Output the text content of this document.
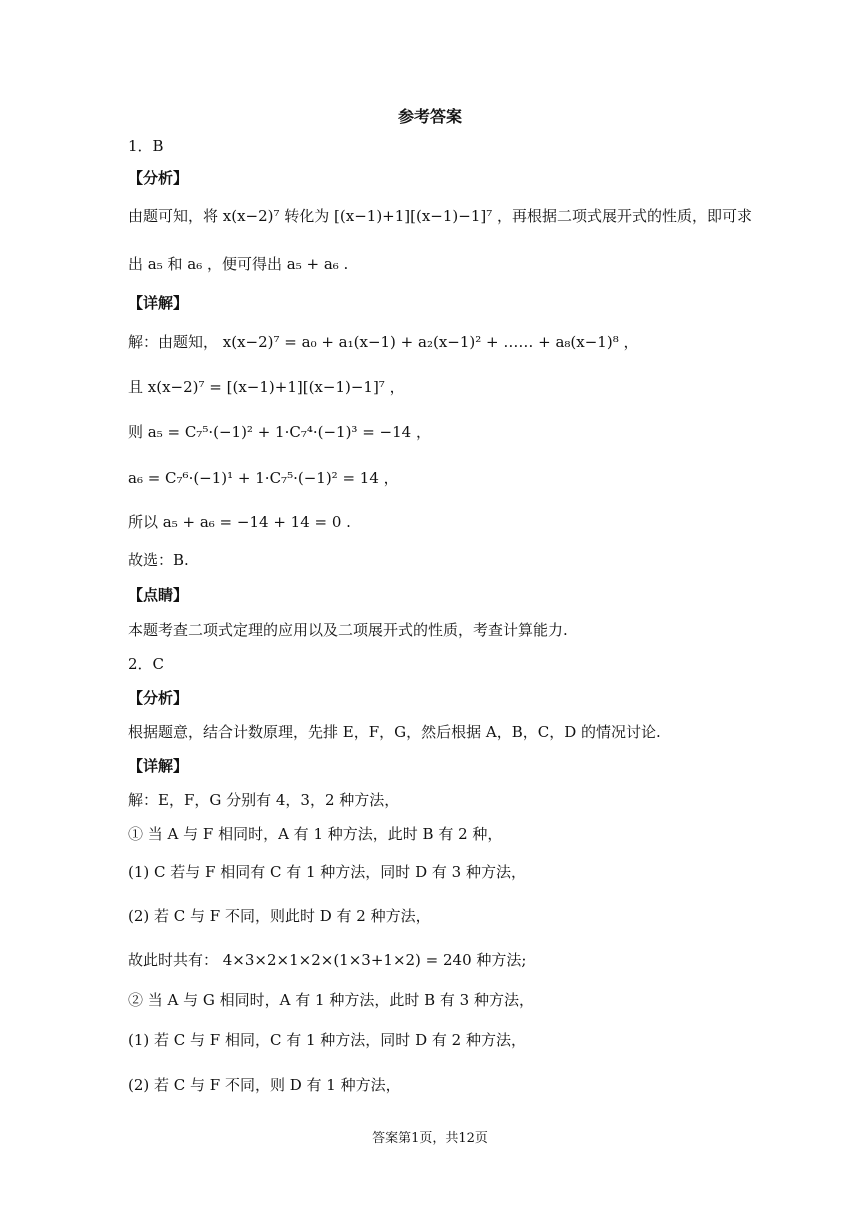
参考答案
1．B
【分析】
由题可知，将 x(x−2)⁷ 转化为 [(x−1)+1][(x−1)−1]⁷ ，再根据二项式展开式的性质，即可求
出 a₅ 和 a₆ ，便可得出 a₅ + a₆ .
【详解】
解：由题知， x(x−2)⁷ = a₀ + a₁(x−1) + a₂(x−1)² + …… + a₈(x−1)⁸ ，
且 x(x−2)⁷ = [(x−1)+1][(x−1)−1]⁷ ，
则 a₅ = C₇⁵·(−1)² + 1·C₇⁴·(−1)³ = −14 ，
a₆ = C₇⁶·(−1)¹ + 1·C₇⁵·(−1)² = 14 ，
所以 a₅ + a₆ = −14 + 14 = 0 .
故选：B.
【点睛】
本题考查二项式定理的应用以及二项展开式的性质，考查计算能力.
2．C
【分析】
根据题意，结合计数原理，先排 E，F，G，然后根据 A，B，C，D 的情况讨论.
【详解】
解：E，F，G 分别有 4，3，2 种方法，
① 当 A 与 F 相同时，A 有 1 种方法，此时 B 有 2 种，
(1) C 若与 F 相同有 C 有 1 种方法，同时 D 有 3 种方法，
(2) 若 C 与 F 不同，则此时 D 有 2 种方法，
故此时共有： 4×3×2×1×2×(1×3+1×2) = 240 种方法;
② 当 A 与 G 相同时，A 有 1 种方法，此时 B 有 3 种方法，
(1) 若 C 与 F 相同，C 有 1 种方法，同时 D 有 2 种方法，
(2) 若 C 与 F 不同，则 D 有 1 种方法，
答案第1页，共12页
